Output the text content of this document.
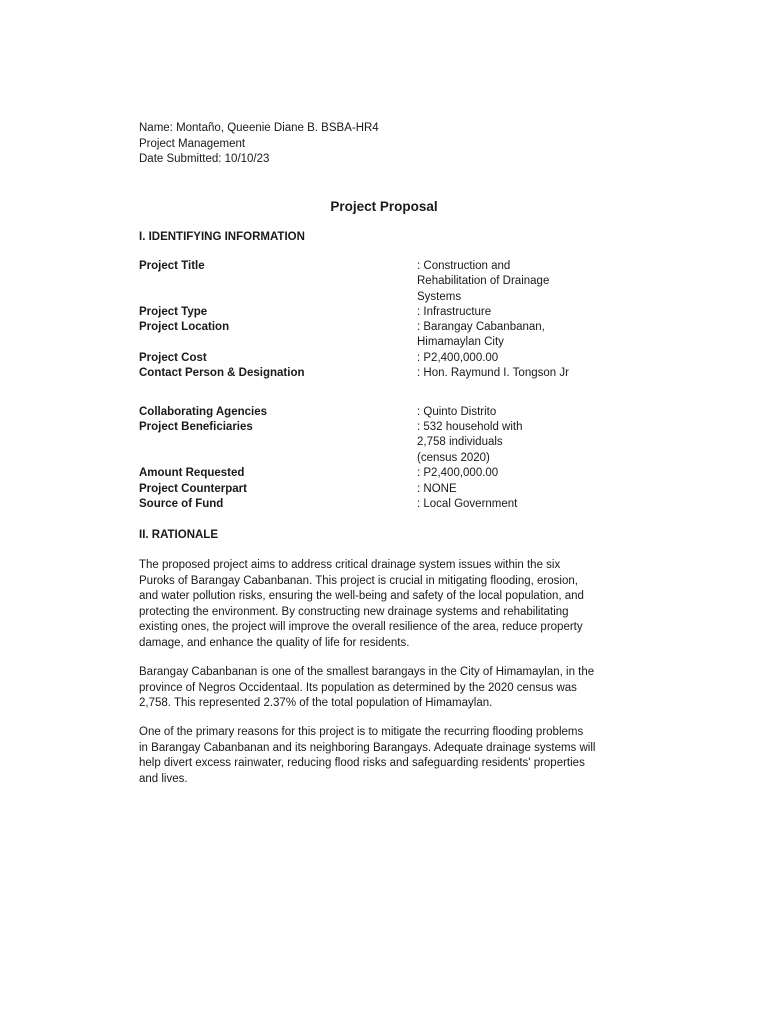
Name: Montaño, Queenie Diane B. BSBA-HR4
Project Management
Date Submitted: 10/10/23
Project Proposal
I. IDENTIFYING INFORMATION
Project Title	: Construction and
Rehabilitation of Drainage
Systems
Project Type	: Infrastructure
Project Location	: Barangay Cabanbanan,
Himamaylan City
Project Cost	: P2,400,000.00
Contact Person & Designation	: Hon. Raymund I. Tongson Jr
Collaborating Agencies	: Quinto Distrito
Project Beneficiaries	: 532 household with
2,758 individuals
(census 2020)
Amount Requested	: P2,400,000.00
Project Counterpart	: NONE
Source of Fund	: Local Government
II. RATIONALE
The proposed project aims to address critical drainage system issues within the six
Puroks of Barangay Cabanbanan. This project is crucial in mitigating flooding, erosion,
and water pollution risks, ensuring the well-being and safety of the local population, and
protecting the environment. By constructing new drainage systems and rehabilitating
existing ones, the project will improve the overall resilience of the area, reduce property
damage, and enhance the quality of life for residents.
Barangay Cabanbanan is one of the smallest barangays in the City of Himamaylan, in the
province of Negros Occidentaal. Its population as determined by the 2020 census was
2,758. This represented 2.37% of the total population of Himamaylan.
One of the primary reasons for this project is to mitigate the recurring flooding problems
in Barangay Cabanbanan and its neighboring Barangays. Adequate drainage systems will
help divert excess rainwater, reducing flood risks and safeguarding residents' properties
and lives.
